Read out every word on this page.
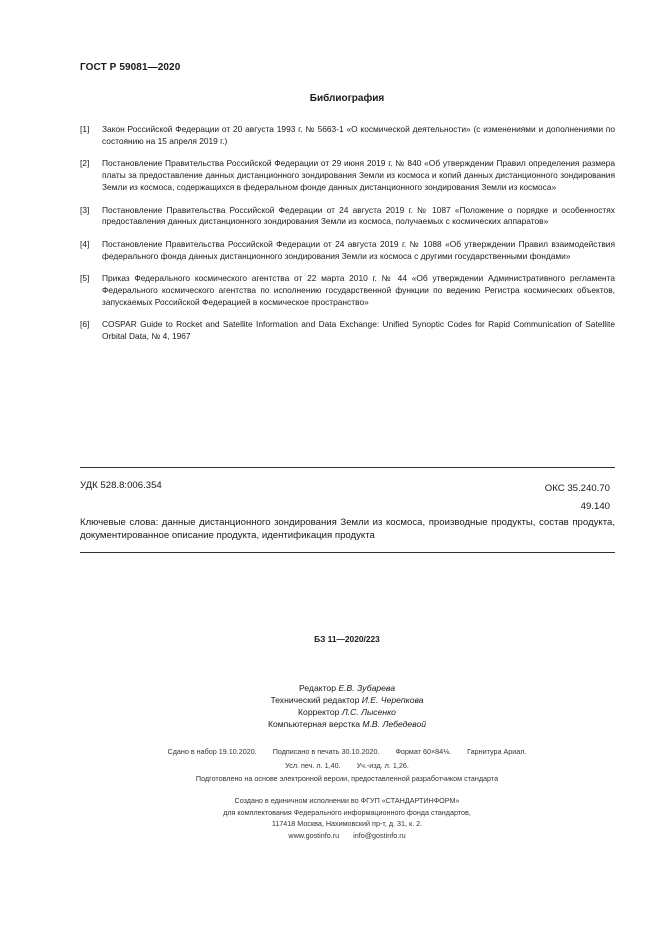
ГОСТ Р 59081—2020
Библиография
[1]	Закон Российской Федерации от 20 августа 1993 г. № 5663-1 «О космической деятельности» (с изменениями и дополнениями по состоянию на 15 апреля 2019 г.)
[2]	Постановление Правительства Российской Федерации от 29 июня 2019 г. № 840 «Об утверждении Правил определения размера платы за предоставление данных дистанционного зондирования Земли из космоса и копий данных дистанционного зондирования Земли из космоса, содержащихся в федеральном фонде данных дистанционного зондирования Земли из космоса»
[3]	Постановление Правительства Российской Федерации от 24 августа 2019 г. № 1087 «Положение о порядке и особенностях предоставления данных дистанционного зондирования Земли из космоса, получаемых с космических аппаратов»
[4]	Постановление Правительства Российской Федерации от 24 августа 2019 г. № 1088 «Об утверждении Правил взаимодействия федерального фонда данных дистанционного зондирования Земли из космоса с другими государственными фондами»
[5]	Приказ Федерального космического агентства от 22 марта 2010 г. № 44 «Об утверждении Административного регламента Федерального космического агентства по исполнению государственной функции по ведению Регистра космических объектов, запускаемых Российской Федерацией в космическое пространство»
[6]	COSPAR Guide to Rocket and Satellite Information and Data Exchange: Unified Synoptic Codes for Rapid Communication of Satellite Orbital Data, № 4, 1967
УДК 528.8:006.354	ОКС 35.240.70
49.140
Ключевые слова: данные дистанционного зондирования Земли из космоса, производные продукты, состав продукта, документированное описание продукта, идентификация продукта
БЗ 11—2020/223
Редактор Е.В. Зубарева
Технический редактор И.Е. Черепкова
Корректор Л.С. Лысенко
Компьютерная верстка М.В. Лебедевой
Сдано в набор 19.10.2020. Подписано в печать 30.10.2020. Формат 60×84⅛. Гарнитура Ариал.
Усл. печ. л. 1,40. Уч.-изд. л. 1,26.
Подготовлено на основе электронной версии, предоставленной разработчиком стандарта
Создано в единичном исполнении во ФГУП «СТАНДАРТИНФОРМ»
для комплектования Федерального информационного фонда стандартов,
117418 Москва, Нахимовский пр-т, д. 31, к. 2.
www.gostinfo.ru info@gostinfo.ru
